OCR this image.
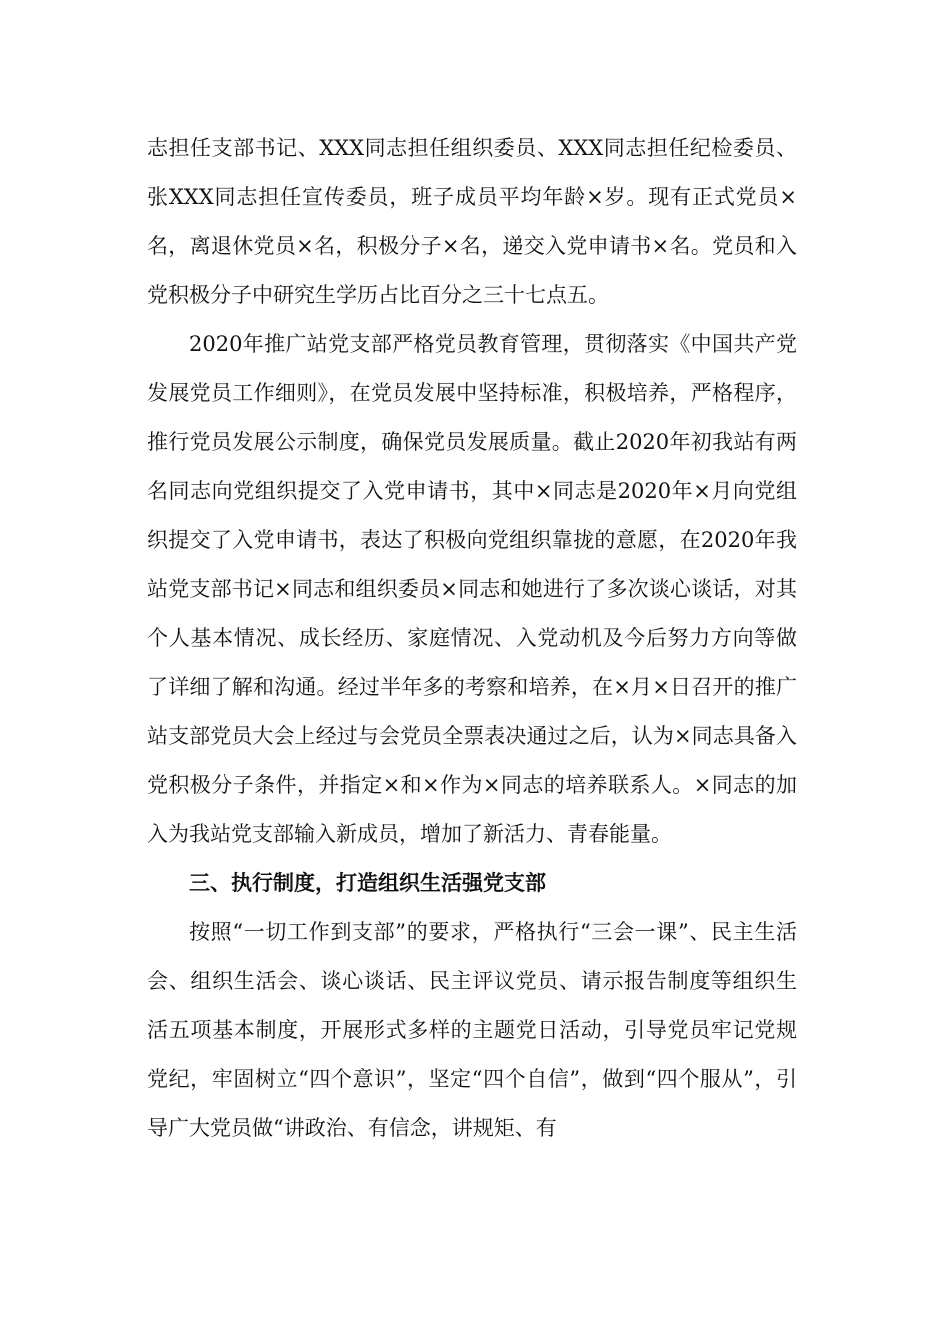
志担任支部书记、XXX同志担任组织委员、XXX同志担任纪检委员、张XXX同志担任宣传委员，班子成员平均年龄×岁。现有正式党员×名，离退休党员×名，积极分子×名，递交入党申请书×名。党员和入党积极分子中研究生学历占比百分之三十七点五。

2020年推广站党支部严格党员教育管理，贯彻落实《中国共产党发展党员工作细则》，在党员发展中坚持标准，积极培养，严格程序，推行党员发展公示制度，确保党员发展质量。截止2020年初我站有两名同志向党组织提交了入党申请书，其中×同志是2020年×月向党组织提交了入党申请书，表达了积极向党组织靠拢的意愿，在2020年我站党支部书记×同志和组织委员×同志和她进行了多次谈心谈话，对其个人基本情况、成长经历、家庭情况、入党动机及今后努力方向等做了详细了解和沟通。经过半年多的考察和培养，在×月×日召开的推广站支部党员大会上经过与会党员全票表决通过之后，认为×同志具备入党积极分子条件，并指定×和×作为×同志的培养联系人。×同志的加入为我站党支部输入新成员，增加了新活力、青春能量。

三、执行制度，打造组织生活强党支部

按照“一切工作到支部”的要求，严格执行“三会一课”、民主生活会、组织生活会、谈心谈话、民主评议党员、请示报告制度等组织生活五项基本制度，开展形式多样的主题党日活动，引导党员牢记党规党纪，牢固树立“四个意识”，坚定“四个自信”，做到“四个服从”，引导广大党员做“讲政治、有信念，讲规矩、有
